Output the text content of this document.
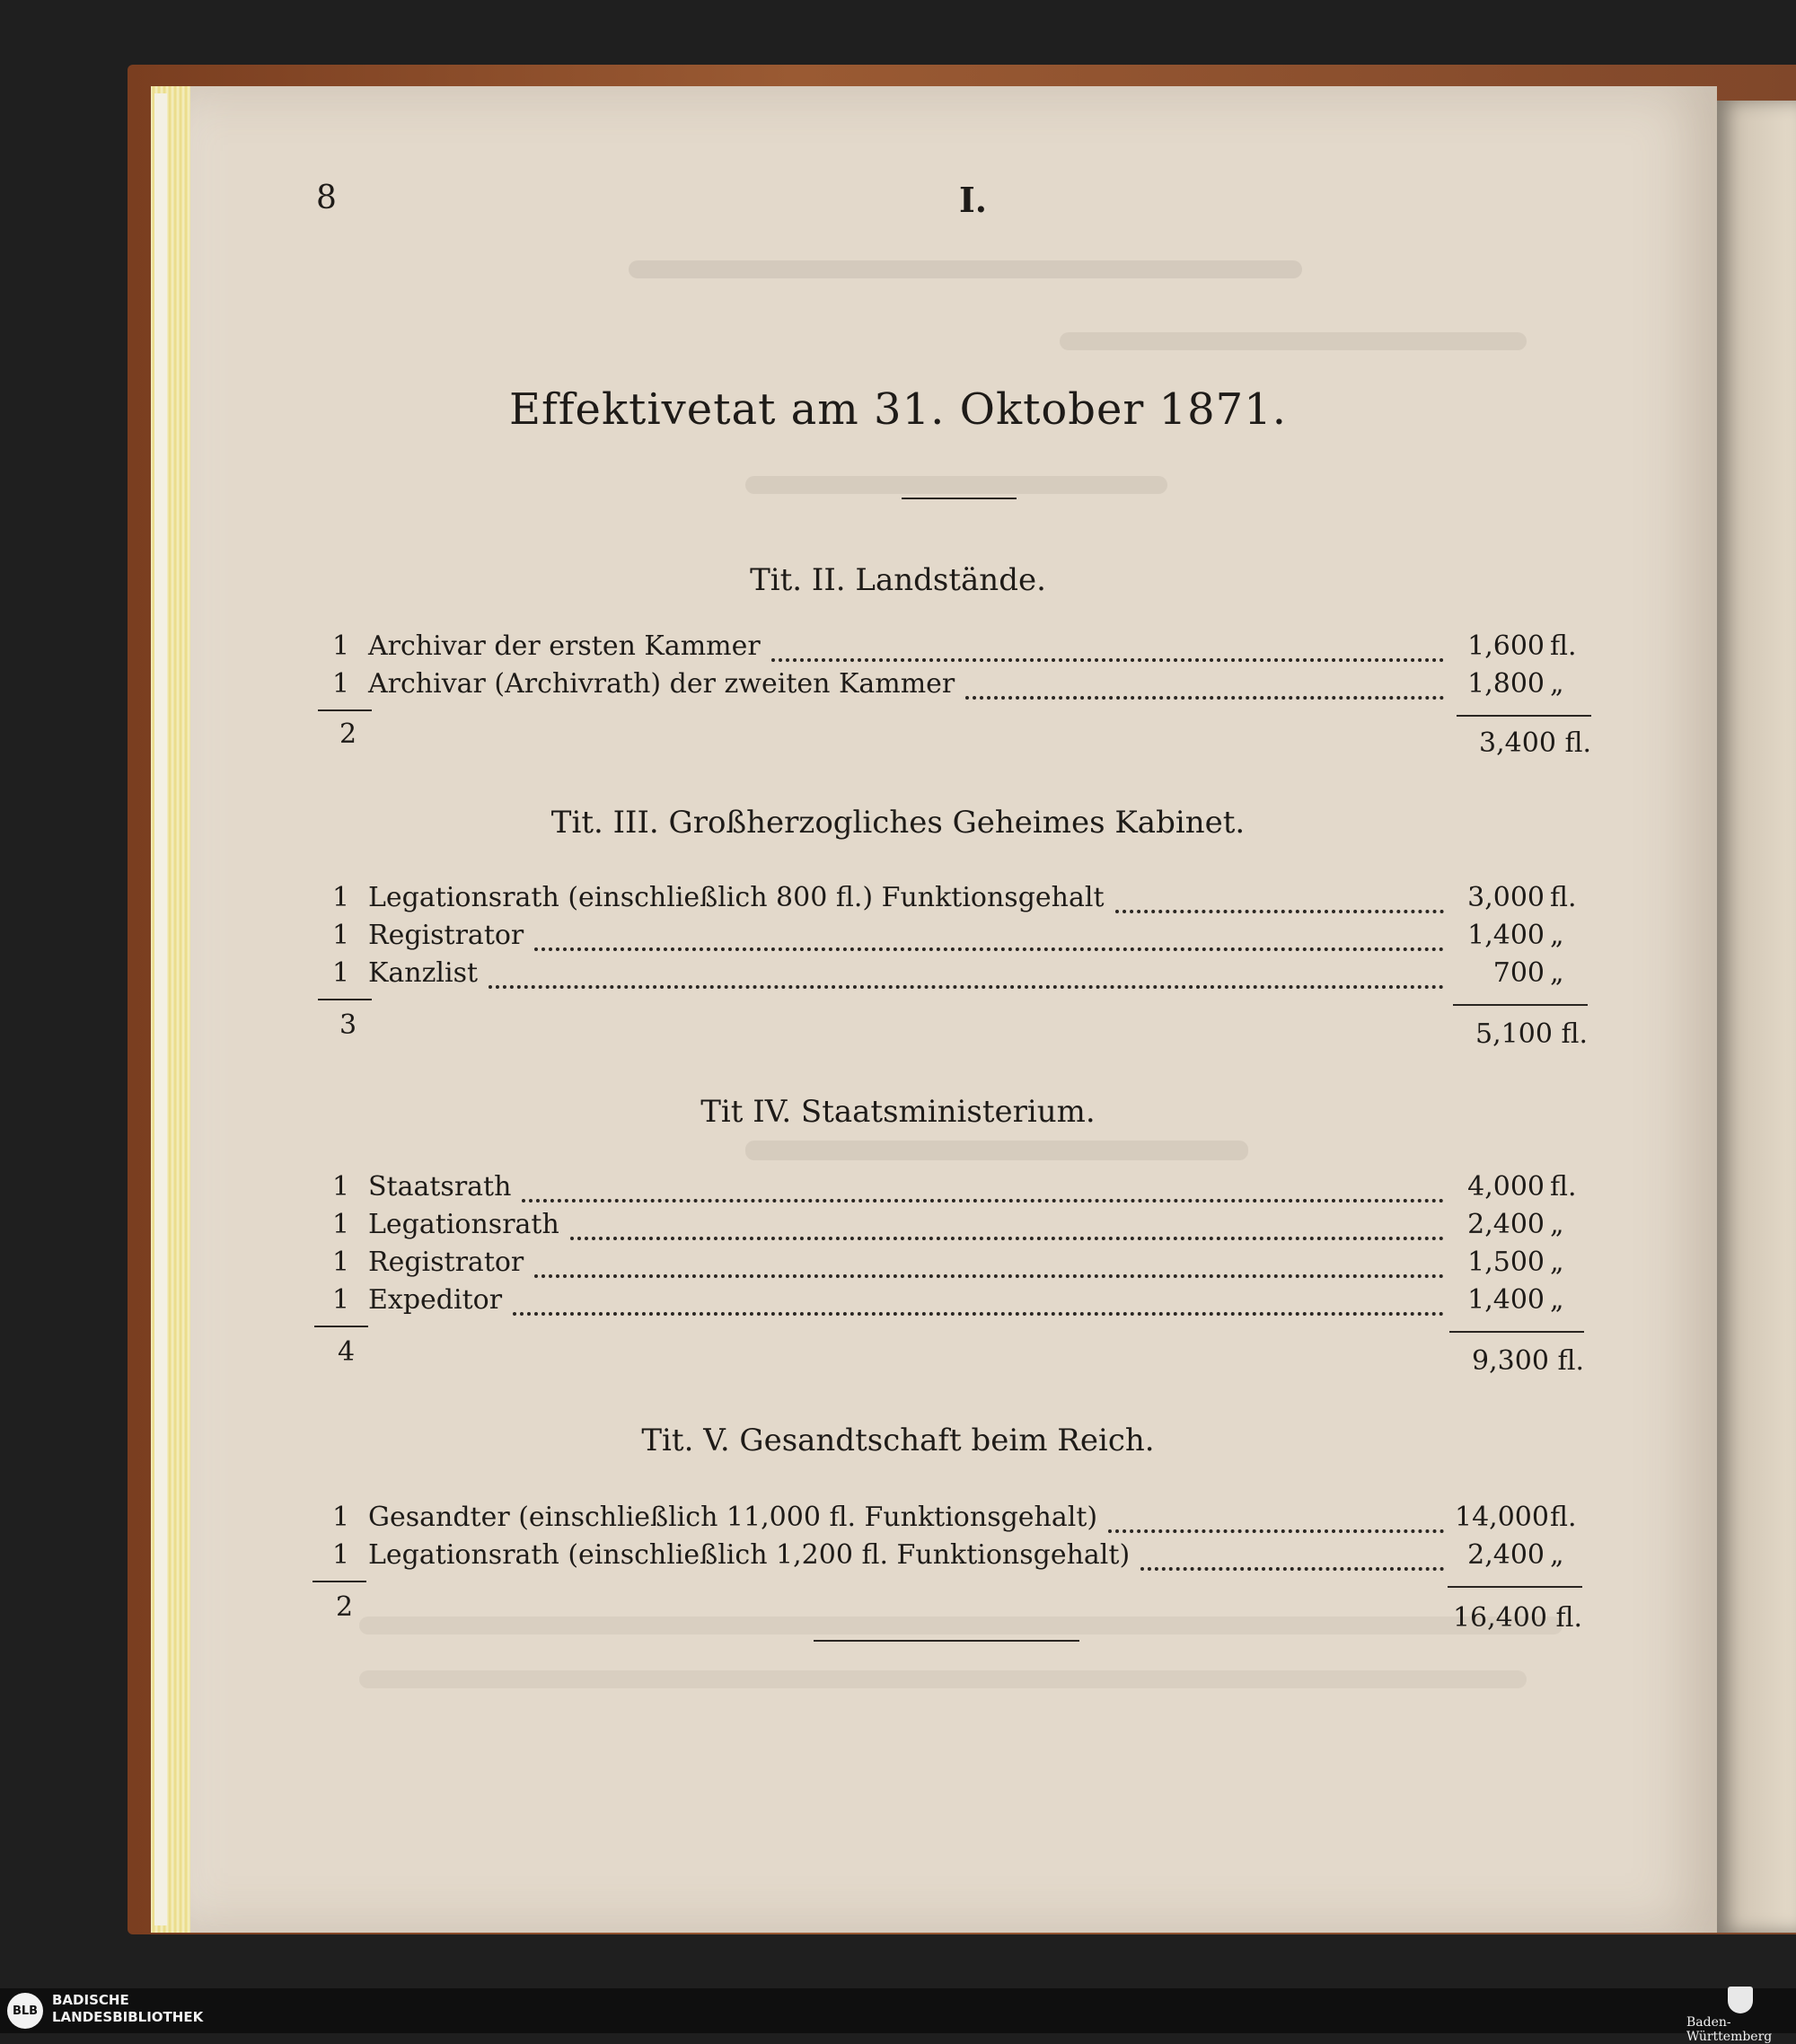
8	I.
Effektivetat am 31. Oktober 1871.
Tit. II. Landstände.
1 Archivar der ersten Kammer	1,600 fl.
1 Archivar (Archivrath) der zweiten Kammer	1,800 „
2	3,400 fl.
Tit. III. Großherzogliches Geheimes Kabinet.
1 Legationsrath (einschließlich 800 fl.) Funktionsgehalt	3,000 fl.
1 Registrator	1,400 „
1 Kanzlist	700 „
3	5,100 fl.
Tit IV. Staatsministerium.
1 Staatsrath	4,000 fl.
1 Legationsrath	2,400 „
1 Registrator	1,500 „
1 Expeditor	1,400 „
4	9,300 fl.
Tit. V. Gesandtschaft beim Reich.
1 Gesandter (einschließlich 11,000 fl. Funktionsgehalt)	14,000 fl.
1 Legationsrath (einschließlich 1,200 fl. Funktionsgehalt)	2,400 „
2	16,400 fl.
BLB
BADISCHE
LANDESBIBLIOTHEK	Baden-Württemberg
